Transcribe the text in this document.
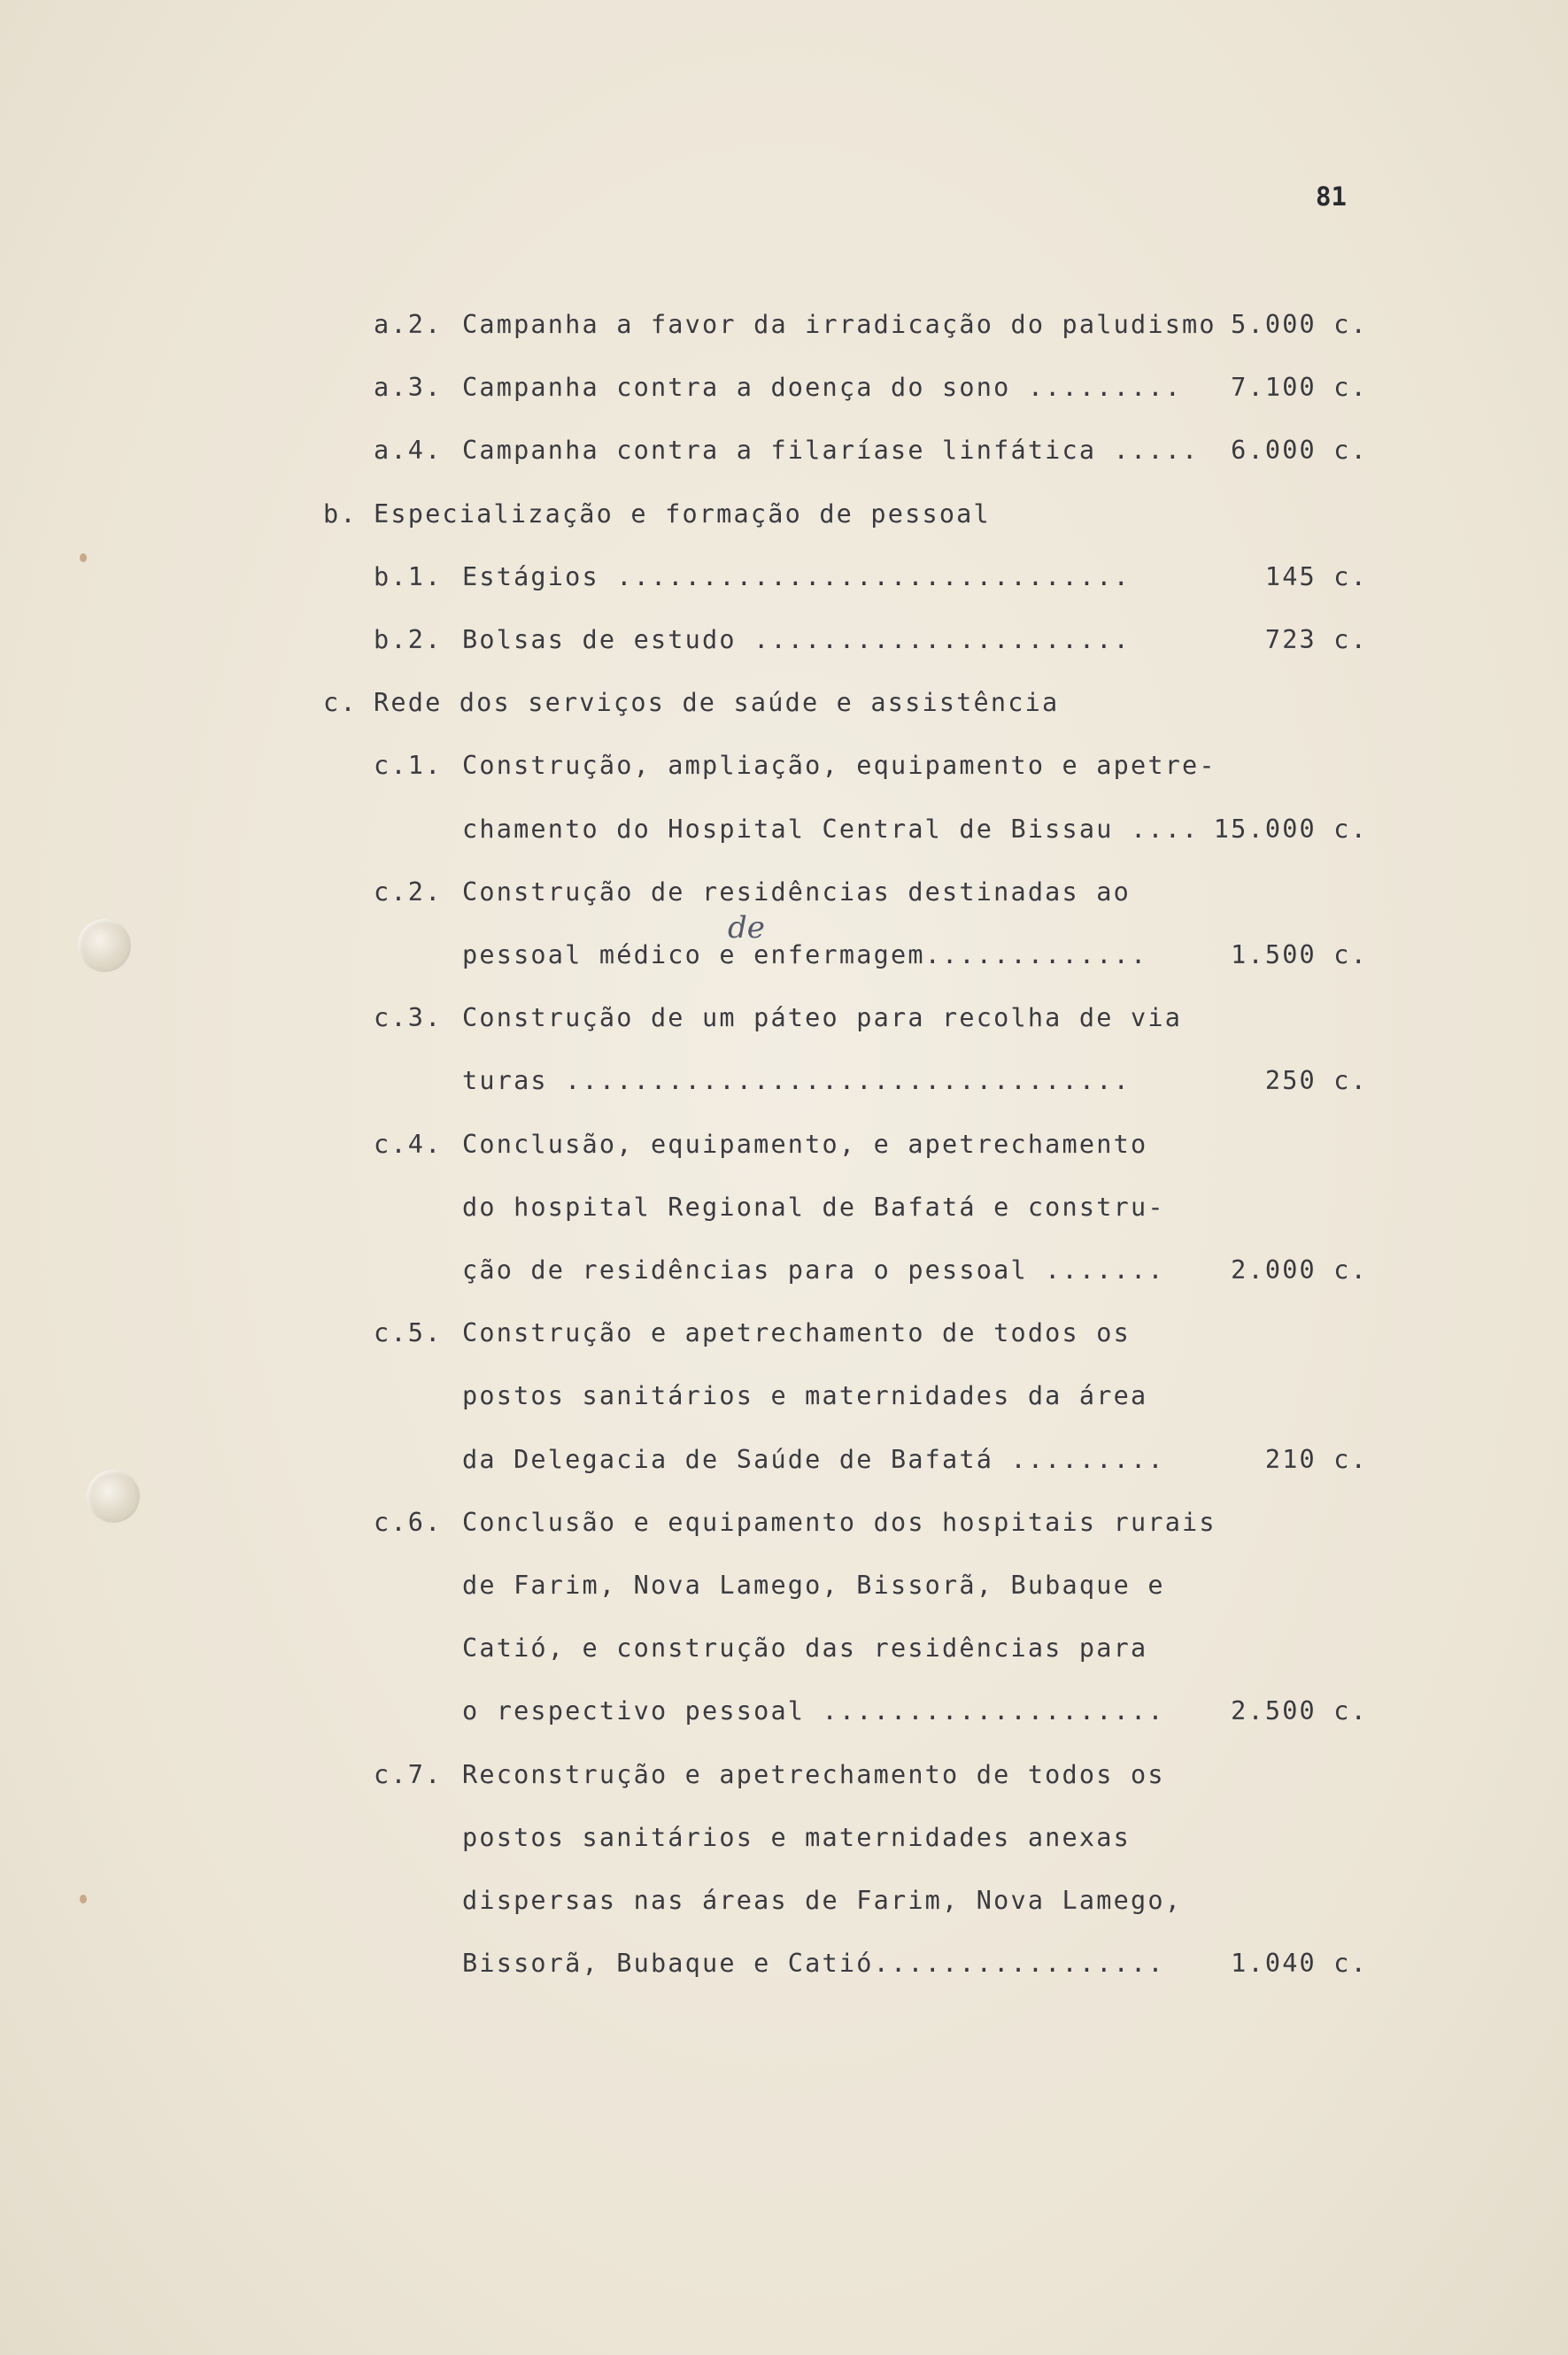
81
a.2. Campanha a favor da irradicação do paludismo 5.000 c.
a.3. Campanha contra a doença do sono ......... 7.100 c.
a.4. Campanha contra a filaríase linfática ..... 6.000 c.
b. Especialização e formação de pessoal
b.1. Estágios ..............................	145 c.
b.2. Bolsas de estudo ......................	723 c.
c. Rede dos serviços de saúde e assistência
c.1. Construção, ampliação, equipamento e apetre-
chamento do Hospital Central de Bissau .... 15.000 c.
c.2. Construção de residências destinadas ao
pessoal médico e enfermagem.............	1.500 c.
c.3. Construção de um páteo para recolha de via
turas .................................	250 c.
c.4. Conclusão, equipamento, e apetrechamento
do hospital Regional de Bafatá e constru-
ção de residências para o pessoal .......	2.000 c.
c.5. Construção e apetrechamento de todos os
postos sanitários e maternidades da área
da Delegacia de Saúde de Bafatá .........	210 c.
c.6. Conclusão e equipamento dos hospitais rurais
de Farim, Nova Lamego, Bissorã, Bubaque e
Catió, e construção das residências para
o respectivo pessoal ....................	2.500 c.
c.7. Reconstrução e apetrechamento de todos os
postos sanitários e maternidades anexas
dispersas nas áreas de Farim, Nova Lamego,
Bissorã, Bubaque e Catió.................	1.040 c.
de
